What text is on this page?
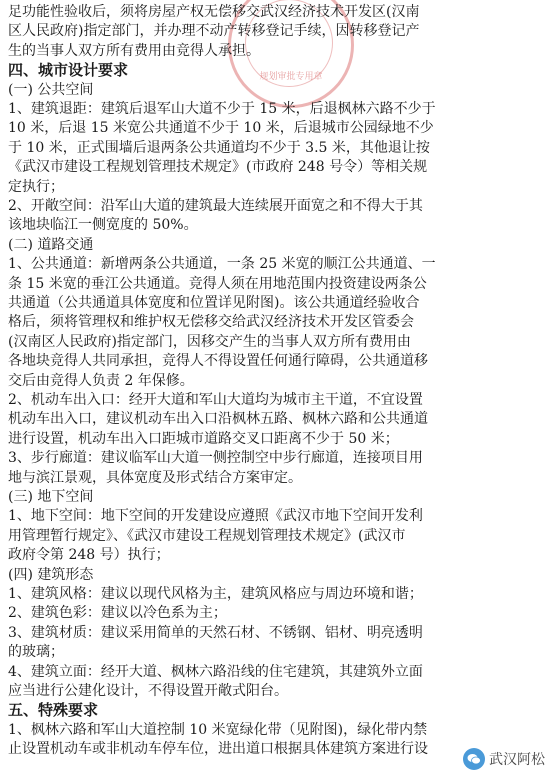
规划审批专用章
足功能性验收后，须将房屋产权无偿移交武汉经济技术开发区(汉南
区人民政府)指定部门，并办理不动产转移登记手续，因转移登记产
生的当事人双方所有费用由竞得人承担。
四、城市设计要求
(一) 公共空间
1、建筑退距：建筑后退军山大道不少于 15 米，后退枫林六路不少于
10 米，后退 15 米宽公共通道不少于 10 米，后退城市公园绿地不少
于 10 米，正式围墙后退两条公共通道均不少于 3.5 米，其他退让按
《武汉市建设工程规划管理技术规定》(市政府 248 号令）等相关规
定执行；
2、开敞空间：沿军山大道的建筑最大连续展开面宽之和不得大于其
该地块临江一侧宽度的 50%。
(二) 道路交通
1、公共通道：新增两条公共通道，一条 25 米宽的顺江公共通道、一
条 15 米宽的垂江公共通道。竞得人须在用地范围内投资建设两条公
共通道（公共通道具体宽度和位置详见附图)。该公共通道经验收合
格后，须将管理权和维护权无偿移交给武汉经济技术开发区管委会
(汉南区人民政府)指定部门，因移交产生的当事人双方所有费用由
各地块竞得人共同承担，竞得人不得设置任何通行障碍，公共通道移
交后由竞得人负责 2 年保修。
2、机动车出入口：经开大道和军山大道均为城市主干道，不宜设置
机动车出入口，建议机动车出入口沿枫林五路、枫林六路和公共通道
进行设置，机动车出入口距城市道路交叉口距离不少于 50 米；
3、步行廊道：建议临军山大道一侧控制空中步行廊道，连接项目用
地与滨江景观，具体宽度及形式结合方案审定。
(三) 地下空间
1、地下空间：地下空间的开发建设应遵照《武汉市地下空间开发利
用管理暂行规定》、《武汉市建设工程规划管理技术规定》(武汉市
政府令第 248 号）执行；
(四) 建筑形态
1、建筑风格：建议以现代风格为主，建筑风格应与周边环境和谐；
2、建筑色彩：建议以冷色系为主；
3、建筑材质：建议采用简单的天然石材、不锈钢、铝材、明亮透明
的玻璃；
4、建筑立面：经开大道、枫林六路沿线的住宅建筑，其建筑外立面
应当进行公建化设计，不得设置开敞式阳台。
五、特殊要求
1、枫林六路和军山大道控制 10 米宽绿化带（见附图)，绿化带内禁
止设置机动车或非机动车停车位，进出道口根据具体建筑方案进行设
武汉阿松
